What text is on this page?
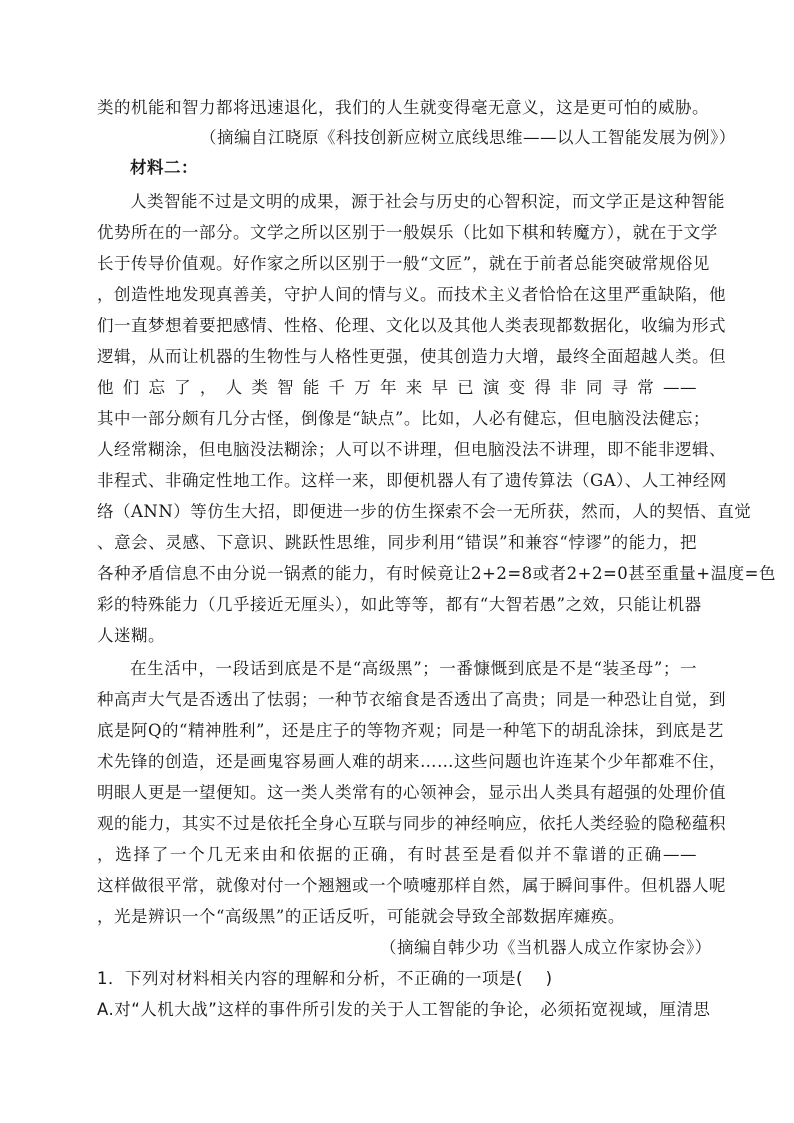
类的机能和智力都将迅速退化，我们的人生就变得毫无意义，这是更可怕的威胁。
（摘编自江晓原《科技创新应树立底线思维——以人工智能发展为例》）
材料二：
人类智能不过是文明的成果，源于社会与历史的心智积淀，而文学正是这种智能
优势所在的一部分。文学之所以区别于一般娱乐（比如下棋和转魔方），就在于文学
长于传导价值观。好作家之所以区别于一般“文匠”，就在于前者总能突破常规俗见
，创造性地发现真善美，守护人间的情与义。而技术主义者恰恰在这里严重缺陷，他
们一直梦想着要把感情、性格、伦理、文化以及其他人类表现都数据化，收编为形式
逻辑，从而让机器的生物性与人格性更强，使其创造力大增，最终全面超越人类。但
他们忘了，人类智能千万年来早已演变得非同寻常——
其中一部分颇有几分古怪，倒像是“缺点”。比如，人必有健忘，但电脑没法健忘；
人经常糊涂，但电脑没法糊涂；人可以不讲理，但电脑没法不讲理，即不能非逻辑、
非程式、非确定性地工作。这样一来，即便机器人有了遗传算法（GA）、人工神经网
络（ANN）等仿生大招，即便进一步的仿生探索不会一无所获，然而，人的契悟、直觉
、意会、灵感、下意识、跳跃性思维，同步利用“错误”和兼容“悖谬”的能力，把
各种矛盾信息不由分说一锅煮的能力，有时候竟让2+2=8或者2+2=0甚至重量+温度=色
彩的特殊能力（几乎接近无厘头），如此等等，都有“大智若愚”之效，只能让机器
人迷糊。
在生活中，一段话到底是不是“高级黑”；一番慷慨到底是不是“装圣母”；一
种高声大气是否透出了怯弱；一种节衣缩食是否透出了高贵；同是一种恐让自觉，到
底是阿Q的“精神胜利”，还是庄子的等物齐观；同是一种笔下的胡乱涂抹，到底是艺
术先锋的创造，还是画鬼容易画人难的胡来……这些问题也许连某个少年都难不住，
明眼人更是一望便知。这一类人类常有的心领神会，显示出人类具有超强的处理价值
观的能力，其实不过是依托全身心互联与同步的神经响应，依托人类经验的隐秘蕴积
，选择了一个几无来由和依据的正确，有时甚至是看似并不靠谱的正确——
这样做很平常，就像对付一个翘翘或一个喷嚏那样自然，属于瞬间事件。但机器人呢
，光是辨识一个“高级黑”的正话反听，可能就会导致全部数据库瘫痪。
（摘编自韩少功《当机器人成立作家协会》）
1．下列对材料相关内容的理解和分析，不正确的一项是(　 )
A.对“人机大战”这样的事件所引发的关于人工智能的争论，必须拓宽视域，厘清思
